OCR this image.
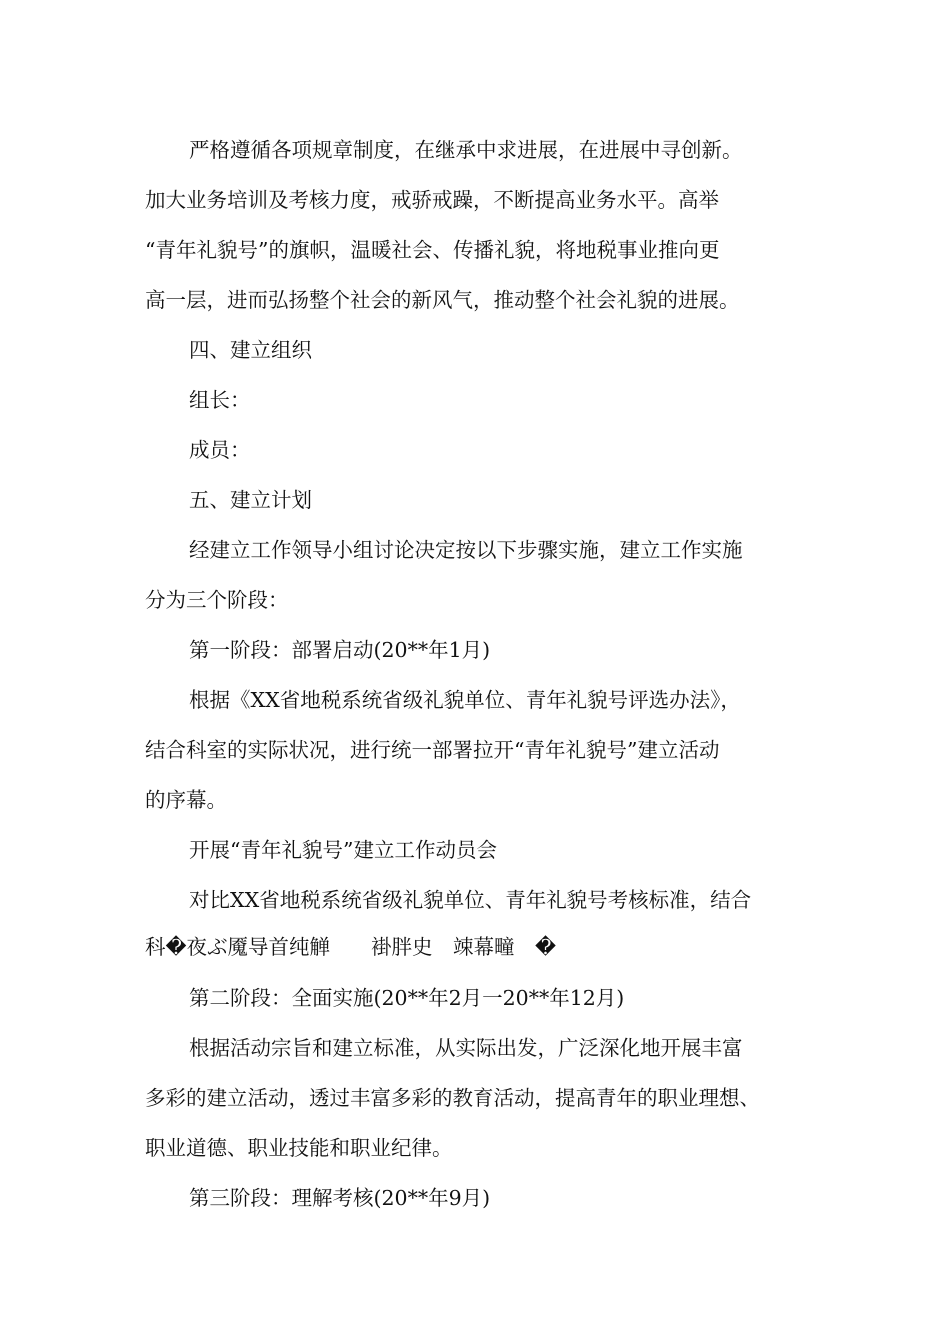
严格遵循各项规章制度，在继承中求进展，在进展中寻创新。

加大业务培训及考核力度，戒骄戒躁，不断提高业务水平。高举

“青年礼貌号”的旗帜，温暖社会、传播礼貌，将地税事业推向更

高一层，进而弘扬整个社会的新风气，推动整个社会礼貌的进展。

四、建立组织

组长：

成员：

五、建立计划

经建立工作领导小组讨论决定按以下步骤实施，建立工作实施

分为三个阶段：

第一阶段：部署启动(20**年1月)

根据《XX省地税系统省级礼貌单位、青年礼貌号评选办法》，

结合科室的实际状况，进行统一部署拉开“青年礼貌号”建立活动

的序幕。

开展“青年礼貌号”建立工作动员会

对比XX省地税系统省级礼貌单位、青年礼貌号考核标准，结合

科�夜ぶ魇导首纯觯　　褂胖史　竦幕疃　�

第二阶段：全面实施(20**年2月一20**年12月)

根据活动宗旨和建立标准，从实际出发，广泛深化地开展丰富

多彩的建立活动，透过丰富多彩的教育活动，提高青年的职业理想、

职业道德、职业技能和职业纪律。

第三阶段：理解考核(20**年9月)
